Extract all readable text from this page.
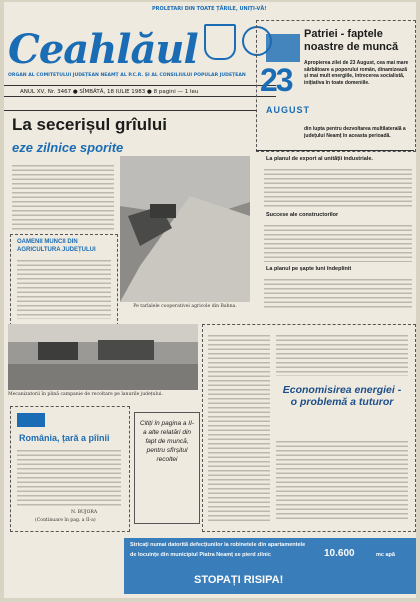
PROLETARI DIN TOATE ȚĂRILE, UNIȚI-VĂ!
Ceahlăul
ORGAN AL COMITETULUI JUDEȚEAN NEAMȚ AL P.C.R. ȘI AL CONSILIULUI POPULAR JUDEȚEAN
ANUL XV, Nr. 3467 ● SÎMBĂTĂ, 18 IULIE 1983 ● 8 pagini — 1 leu	23
AUGUST
Patriei - faptele noastre de muncă
Apropierea zilei de 23 August, cea mai mare sărbătoare a poporului român, dinamizează și mai mult energiile, întrecerea socialistă, inițiativa în toate domeniile.
din lupta pentru dezvoltarea multilaterală a județului Neamț în aceasta perioadă.
La planul de export al unității industriale.
Succese ale constructorilor
La planul pe șapte luni îndeplinit
La secerișul grîului
eze zilnice sporite
OAMENII MUNCII DIN AGRICULTURA JUDEȚULUI
Pe tarlalele cooperativei agricole din Bahna.
Mecanizatorii în plină campanie de recoltare pe lanurile județului.	Economisirea energiei - o problemă a tuturor
România, țară a pîinii
N. BUJORA
(Continuare în pag. a II-a)
Citiți în pagina a II-a alte relatări din fapt de muncă, pentru sfîrșitul recoltei
Stricați numai datorită defecțiunilor la robinetele din apartamentele
de locuințe din municipiul Piatra Neamț se pierd zilnic	10.600	mc apă
STOPAȚI RISIPA!
